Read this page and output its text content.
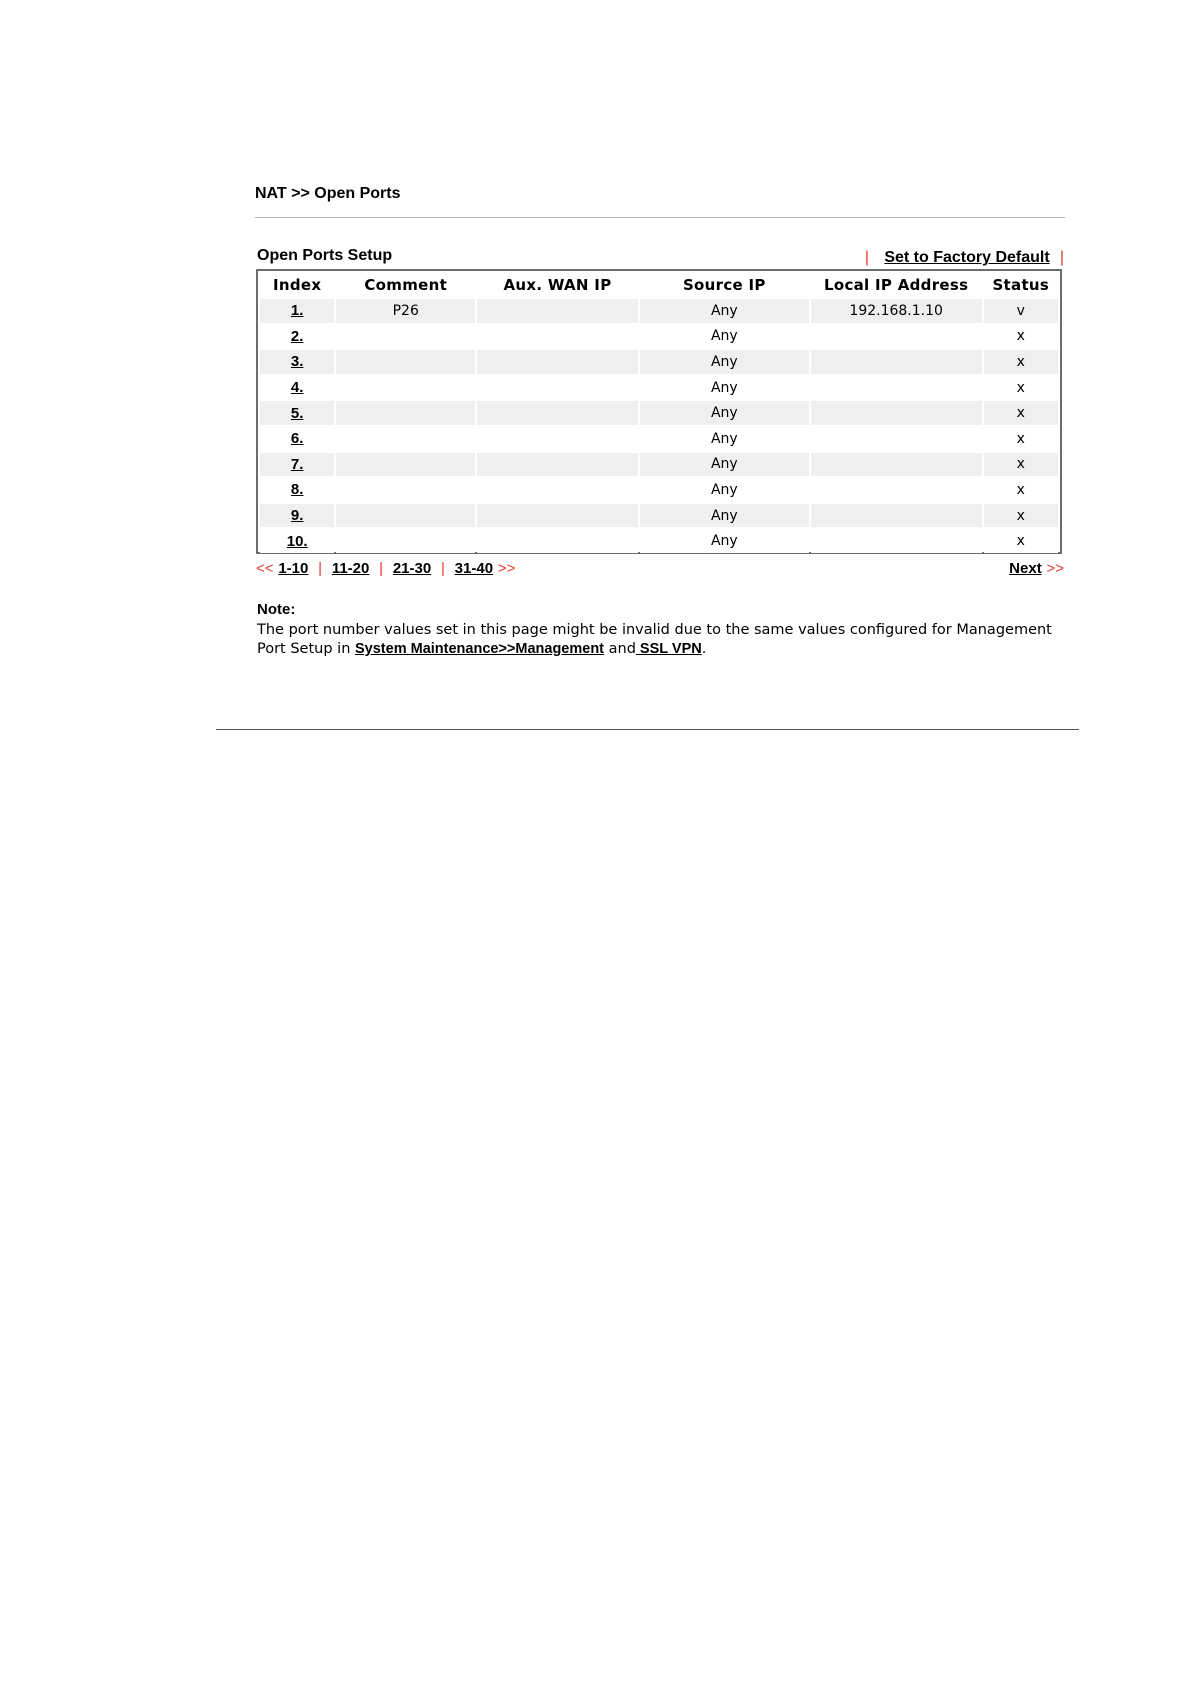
NAT >> Open Ports
Open Ports Setup	| Set to Factory Default |
Index	Comment	Aux. WAN IP	Source IP	Local IP Address	Status
1.	P26		Any	192.168.1.10	v
2.			Any		x
3.			Any		x
4.			Any		x
5.			Any		x
6.			Any		x
7.			Any		x
8.			Any		x
9.			Any		x
10.			Any		x
<< 1-10 | 11-20 | 21-30 | 31-40 >>	Next >>
Note:
The port number values set in this page might be invalid due to the same values configured for Management Port Setup in System Maintenance>>Management and SSL VPN.
